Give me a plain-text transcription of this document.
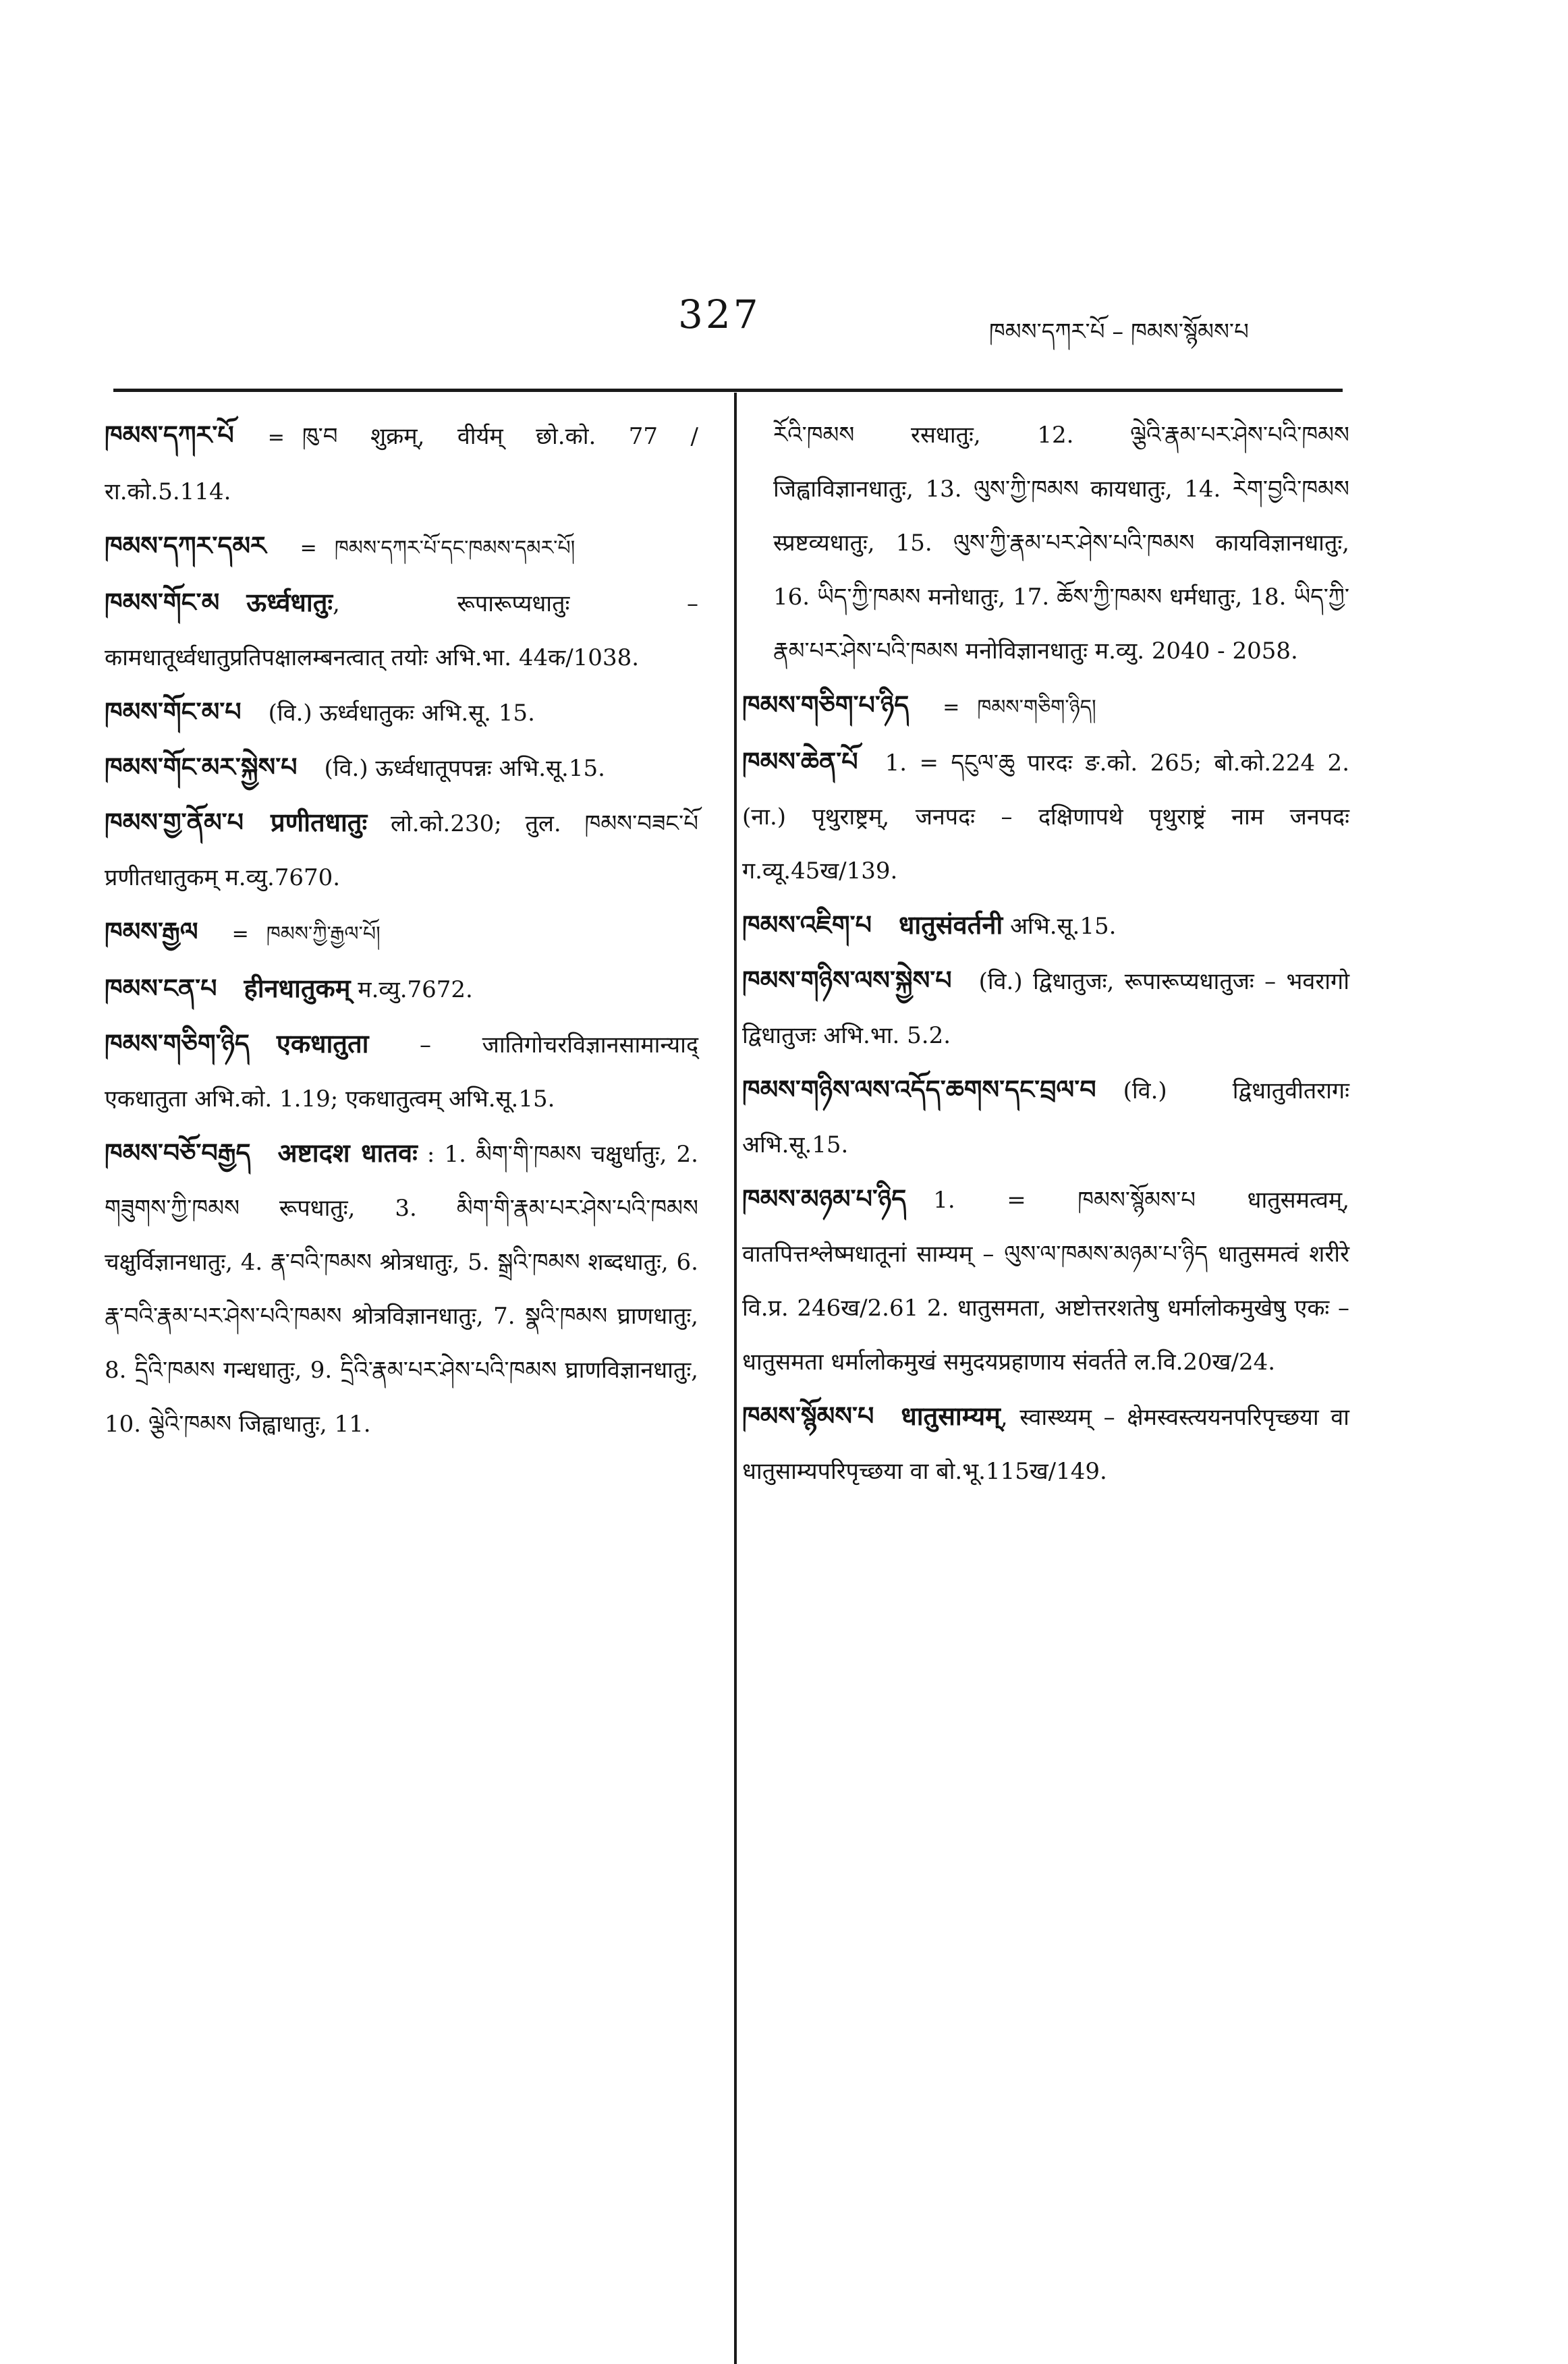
327	ཁམས་དཀར་པོ – ཁམས་སྙོམས་པ

ཁམས་དཀར་པོ = ཁུ་བ शुक्रम्, वीर्यम् छो.को. 77 / रा.को.5.114.

ཁམས་དཀར་དམར = ཁམས་དཀར་པོ་དང་ཁམས་དམར་པོ།

ཁམས་གོང་མ ऊर्ध्वधातुः, रूपारूप्यधातुः – कामधातूर्ध्वधातुप्रतिपक्षालम्बनत्वात् तयोः अभि.भा. 44क/1038.

ཁམས་གོང་མ་པ (वि.) ऊर्ध्वधातुकः अभि.सू. 15.

ཁམས་གོང་མར་སྐྱེས་པ (वि.) ऊर्ध्वधातूपपन्नः अभि.सू.15.

ཁམས་གྱ་ནོམ་པ प्रणीतधातुः लो.को.230; तुल. ཁམས་བཟང་པོ प्रणीतधातुकम् म.व्यु.7670.

ཁམས་རྒྱལ = ཁམས་ཀྱི་རྒྱལ་པོ།

ཁམས་ངན་པ हीनधातुकम् म.व्यु.7672.

ཁམས་གཅིག་ཉིད एकधातुता – जातिगोचरविज्ञानसामान्याद् एकधातुता अभि.को. 1.19; एकधातुत्वम् अभि.सू.15.

ཁམས་བཅོ་བརྒྱད अष्टादश धातवः : 1. མིག་གི་ཁམས चक्षुर्धातुः, 2. གཟུགས་ཀྱི་ཁམས रूपधातुः, 3. མིག་གི་རྣམ་པར་ཤེས་པའི་ཁམས चक्षुर्विज्ञानधातुः, 4. རྣ་བའི་ཁམས श्रोत्रधातुः, 5. སྒྲའི་ཁམས शब्दधातुः, 6. རྣ་བའི་རྣམ་པར་ཤེས་པའི་ཁམས श्रोत्रविज्ञानधातुः, 7. སྣའི་ཁམས घ्राणधातुः, 8. དྲིའི་ཁམས गन्धधातुः, 9. དྲིའི་རྣམ་པར་ཤེས་པའི་ཁམས घ्राणविज्ञानधातुः, 10. ལྕེའི་ཁམས जिह्वाधातुः, 11.

རོའི་ཁམས रसधातुः, 12. ལྕེའི་རྣམ་པར་ཤེས་པའི་ཁམས जिह्वाविज्ञानधातुः, 13. ལུས་ཀྱི་ཁམས कायधातुः, 14. རེག་བྱའི་ཁམས स्प्रष्टव्यधातुः, 15. ལུས་ཀྱི་རྣམ་པར་ཤེས་པའི་ཁམས कायविज्ञानधातुः, 16. ཡིད་ཀྱི་ཁམས मनोधातुः, 17. ཆོས་ཀྱི་ཁམས धर्मधातुः, 18. ཡིད་ཀྱི་རྣམ་པར་ཤེས་པའི་ཁམས मनोविज्ञानधातुः म.व्यु. 2040 - 2058.

ཁམས་གཅིག་པ་ཉིད = ཁམས་གཅིག་ཉིད།

ཁམས་ཆེན་པོ 1. = དངུལ་ཆུ पारदः ङ.को. 265; बो.को.224 2. (ना.) पृथुराष्ट्रम्, जनपदः – दक्षिणापथे पृथुराष्ट्रं नाम जनपदः ग.व्यू.45ख/139.

ཁམས་འཇིག་པ धातुसंवर्तनी अभि.सू.15.

ཁམས་གཉིས་ལས་སྐྱེས་པ (वि.) द्विधातुजः, रूपारूप्यधातुजः – भवरागो द्विधातुजः अभि.भा. 5.2.

ཁམས་གཉིས་ལས་འདོད་ཆགས་དང་བྲལ་བ (वि.) द्विधातुवीतरागः अभि.सू.15.

ཁམས་མཉམ་པ་ཉིད 1. = ཁམས་སྙོམས་པ धातुसमत्वम्, वातपित्तश्लेष्मधातूनां साम्यम् – ལུས་ལ་ཁམས་མཉམ་པ་ཉིད धातुसमत्वं शरीरे वि.प्र. 246ख/2.61 2. धातुसमता, अष्टोत्तरशतेषु धर्मालोकमुखेषु एकः – धातुसमता धर्मालोकमुखं समुदयप्रहाणाय संवर्तते ल.वि.20ख/24.

ཁམས་སྙོམས་པ धातुसाम्यम्, स्वास्थ्यम् – क्षेमस्वस्त्ययनपरिपृच्छया वा धातुसाम्यपरिपृच्छया वा बो.भू.115ख/149.
